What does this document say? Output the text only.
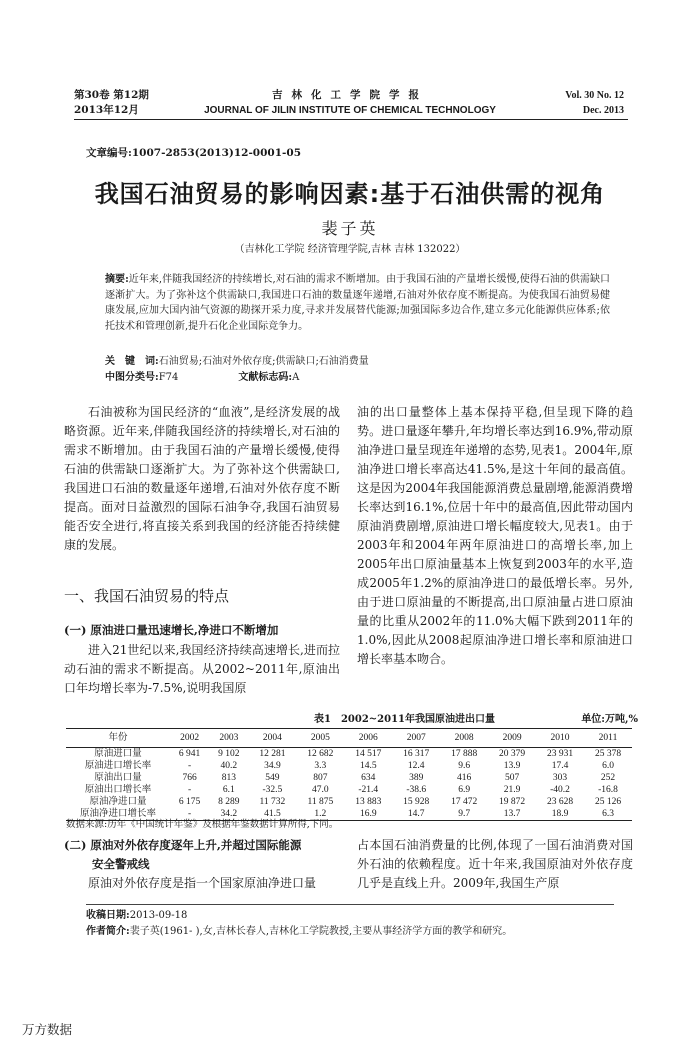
第30卷 第12期
2013年12月
吉林化工学院学报
JOURNAL OF JILIN INSTITUTE OF CHEMICAL TECHNOLOGY
Vol. 30 No. 12
Dec. 2013
文章编号:1007-2853(2013)12-0001-05
我国石油贸易的影响因素:基于石油供需的视角
裴子英
（吉林化工学院 经济管理学院,吉林 吉林 132022）
摘要:近年来,伴随我国经济的持续增长,对石油的需求不断增加。由于我国石油的产量增长缓慢,使得石油的供需缺口逐渐扩大。为了弥补这个供需缺口,我国进口石油的数量逐年递增,石油对外依存度不断提高。为使我国石油贸易健康发展,应加大国内油气资源的勘探开采力度,寻求并发展替代能源;加强国际多边合作,建立多元化能源供应体系;依托技术和管理创新,提升石化企业国际竞争力。
关　键　词:石油贸易;石油对外依存度;供需缺口;石油消费量
中图分类号:F74	文献标志码:A

石油被称为国民经济的“血液”,是经济发展的战略资源。近年来,伴随我国经济的持续增长,对石油的需求不断增加。由于我国石油的产量增长缓慢,使得石油的供需缺口逐渐扩大。为了弥补这个供需缺口,我国进口石油的数量逐年递增,石油对外依存度不断提高。面对日益激烈的国际石油争夺,我国石油贸易能否安全进行,将直接关系到我国的经济能否持续健康的发展。

一、我国石油贸易的特点
(一) 原油进口量迅速增长,净进口不断增加

进入21世纪以来,我国经济持续高速增长,进而拉动石油的需求不断提高。从2002~2011年,原油出口年均增长率为-7.5%,说明我国原

油的出口量整体上基本保持平稳,但呈现下降的趋势。进口量逐年攀升,年均增长率达到16.9%,带动原油净进口量呈现连年递增的态势,见表1。2004年,原油净进口增长率高达41.5%,是这十年间的最高值。这是因为2004年我国能源消费总量剧增,能源消费增长率达到16.1%,位居十年中的最高值,因此带动国内原油消费剧增,原油进口增长幅度较大,见表1。由于2003年和2004年两年原油进口的高增长率,加上2005年出口原油量基本上恢复到2003年的水平,造成2005年1.2%的原油净进口的最低增长率。另外,由于进口原油量的不断提高,出口原油量占进口原油量的比重从2002年的11.0%大幅下跌到2011年的1.0%,因此从2008起原油净进口增长率和原油进口增长率基本吻合。

表1　2002~2011年我国原油进出口量	单位:万吨,%
年份	2002	2003	2004	2005	2006	2007	2008	2009	2010	2011
原油进口量	6 941	9 102	12 281	12 682	14 517	16 317	17 888	20 379	23 931	25 378
原油进口增长率	-	40.2	34.9	3.3	14.5	12.4	9.6	13.9	17.4	6.0
原油出口量	766	813	549	807	634	389	416	507	303	252
原油出口增长率	-	6.1	-32.5	47.0	-21.4	-38.6	6.9	21.9	-40.2	-16.8
原油净进口量	6 175	8 289	11 732	11 875	13 883	15 928	17 472	19 872	23 628	25 126
原油净进口增长率	-	34.2	41.5	1.2	16.9	14.7	9.7	13.7	18.9	6.3
数据来源:历年《中国统计年鉴》及根据年鉴数据计算所得,下同。
(二) 原油对外依存度逐年上升,并超过国际能源
安全警戒线

原油对外依存度是指一个国家原油净进口量

占本国石油消费量的比例,体现了一国石油消费对国外石油的依赖程度。近十年来,我国原油对外依存度几乎是直线上升。2009年,我国生产原

收稿日期:2013-09-18
作者简介:裴子英(1961- ),女,吉林长春人,吉林化工学院教授,主要从事经济学方面的教学和研究。
万方数据
